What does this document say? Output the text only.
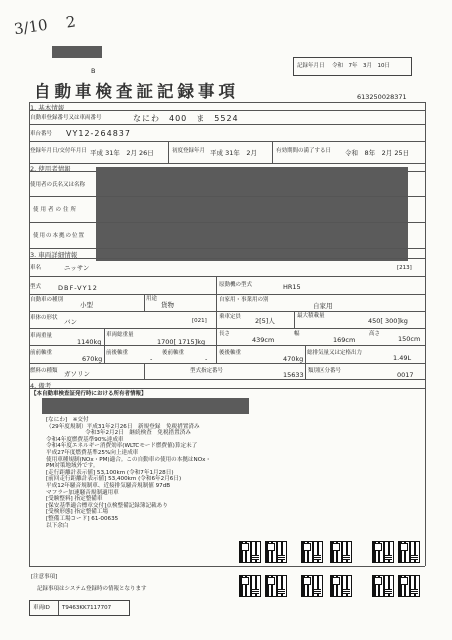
3/10 2
B
記録年月日 令和　7年　3月　10日
自動車検査証記録事項	613250028371
1. 基本情報
自動車登録番号又は車両番号	なにわ　400　ま　5524
車台番号 VY12-264837
登録年月日/交付年月日 平成 31年　2月 26日	初度登録年月 平成 31年　2月	有効期間の満了する日 令和　8年　2月 25日
2. 使用者情報
使用者の氏名又は名称
使用者の住所
使用の本拠の位置
3. 車両詳細情報
車名	ニッサン	[213]
型式	DBF-VY12	原動機の型式	HR15
自動車の種別
小型
用途
貨物
自家用・事業用の別
自家用
車体の形状 バン	[021]
乗車定員 2[5]人
最大積載量
450[ 300]kg
車両重量
1140kg
車両総重量
1700[ 1715]kg
長さ
439cm
幅
169cm
高さ
150cm
前前軸重
670kg
前後軸重
-
後前軸重
-
後後軸重
470kg
総排気量又は定格出力
1.49L
燃料の種類 ガソリン	型式指定番号	15633 類別区分番号	0017
4. 備考
【本自動車検査証発行時における所有者情報】
[なにわ]　※交付
（29年度規制）平成31年2月26日　新規登録　免税措置済み
　　　　　　　令和3年2月2日　継続検査　免税措置済み
令和4年度燃費基準90%達成車
令和4年度エネルギー消費効率(WLTCモード燃費値)算定未了
平成27年度燃費基準25%向上達成車
使用車種規制(NOx・PM)適合。この自動車の使用の本拠はNOx・PM対策地域外です。
[走行距離計表示値] 53,100km (令和7年1月28日)
[前回走行距離計表示値] 53,400km (令和6年2月6日)
平成12年騒音規制車、近接排気騒音規制値 97dB
マフラー加速騒音規制適用車
[受験整料] 指定整備車
[保安基準適合標章交付]点検整備記録簿記載あり
[受検形態] 指定整備工場
[整備工場コード] 61-00635
以下余白
[注意事項]
記録事項はシステム登録時の情報となります
車両ID T9463KK7117707
